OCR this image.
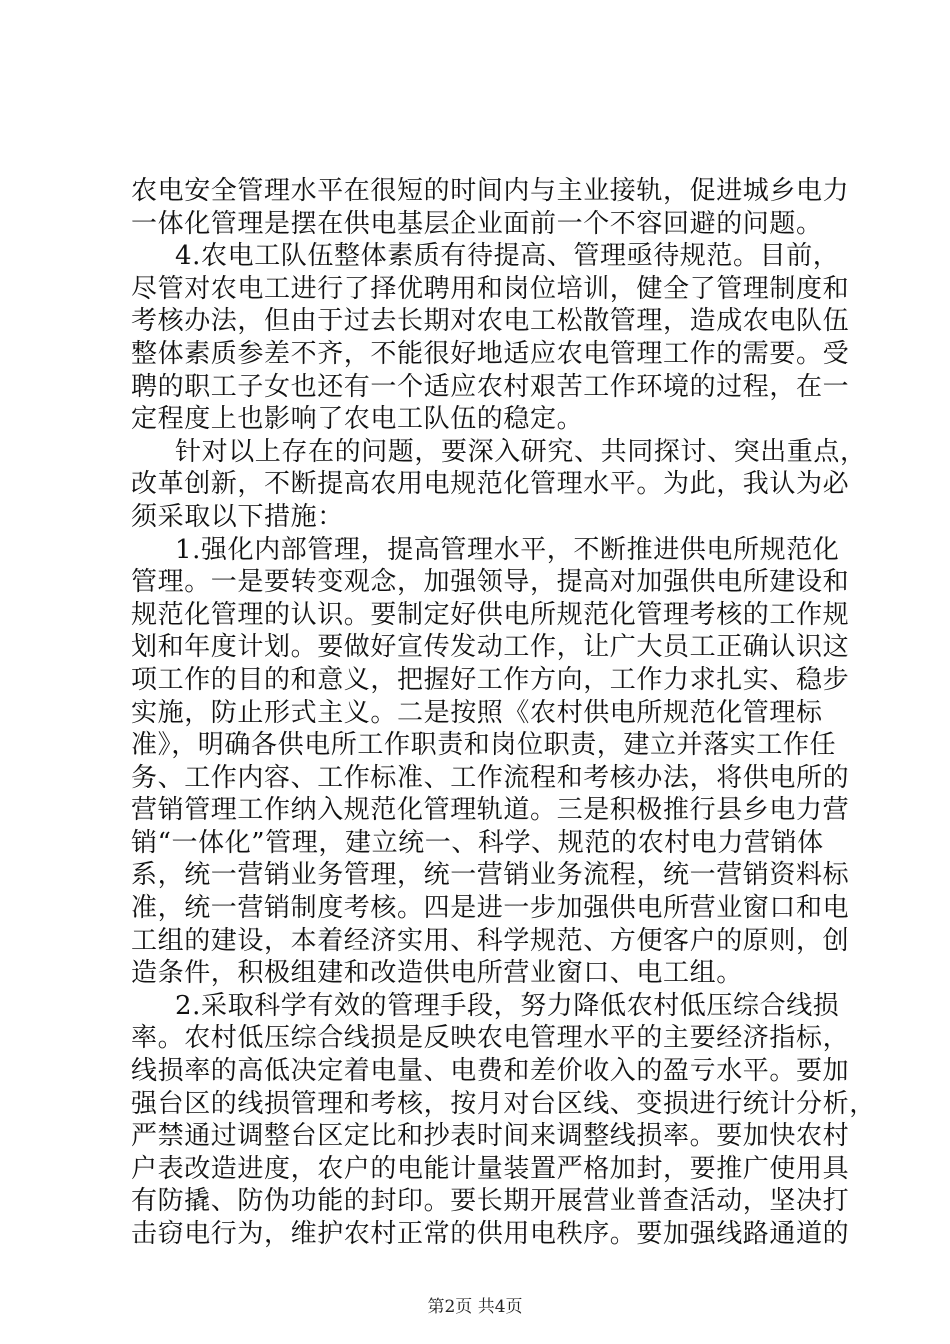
农电安全管理水平在很短的时间内与主业接轨，促进城乡电力
一体化管理是摆在供电基层企业面前一个不容回避的问题。
4.农电工队伍整体素质有待提高、管理亟待规范。目前，
尽管对农电工进行了择优聘用和岗位培训，健全了管理制度和
考核办法，但由于过去长期对农电工松散管理，造成农电队伍
整体素质参差不齐，不能很好地适应农电管理工作的需要。受
聘的职工子女也还有一个适应农村艰苦工作环境的过程，在一
定程度上也影响了农电工队伍的稳定。
针对以上存在的问题，要深入研究、共同探讨、突出重点，
改革创新，不断提高农用电规范化管理水平。为此，我认为必
须采取以下措施：
1.强化内部管理，提高管理水平，不断推进供电所规范化
管理。一是要转变观念，加强领导，提高对加强供电所建设和
规范化管理的认识。要制定好供电所规范化管理考核的工作规
划和年度计划。要做好宣传发动工作，让广大员工正确认识这
项工作的目的和意义，把握好工作方向，工作力求扎实、稳步
实施，防止形式主义。二是按照《农村供电所规范化管理标
准》，明确各供电所工作职责和岗位职责，建立并落实工作任
务、工作内容、工作标准、工作流程和考核办法，将供电所的
营销管理工作纳入规范化管理轨道。三是积极推行县乡电力营
销“一体化”管理，建立统一、科学、规范的农村电力营销体
系，统一营销业务管理，统一营销业务流程，统一营销资料标
准，统一营销制度考核。四是进一步加强供电所营业窗口和电
工组的建设，本着经济实用、科学规范、方便客户的原则，创
造条件，积极组建和改造供电所营业窗口、电工组。
2.采取科学有效的管理手段，努力降低农村低压综合线损
率。农村低压综合线损是反映农电管理水平的主要经济指标，
线损率的高低决定着电量、电费和差价收入的盈亏水平。要加
强台区的线损管理和考核，按月对台区线、变损进行统计分析，
严禁通过调整台区定比和抄表时间来调整线损率。要加快农村
户表改造进度，农户的电能计量装置严格加封，要推广使用具
有防撬、防伪功能的封印。要长期开展营业普查活动，坚决打
击窃电行为，维护农村正常的供用电秩序。要加强线路通道的
第2页 共4页
